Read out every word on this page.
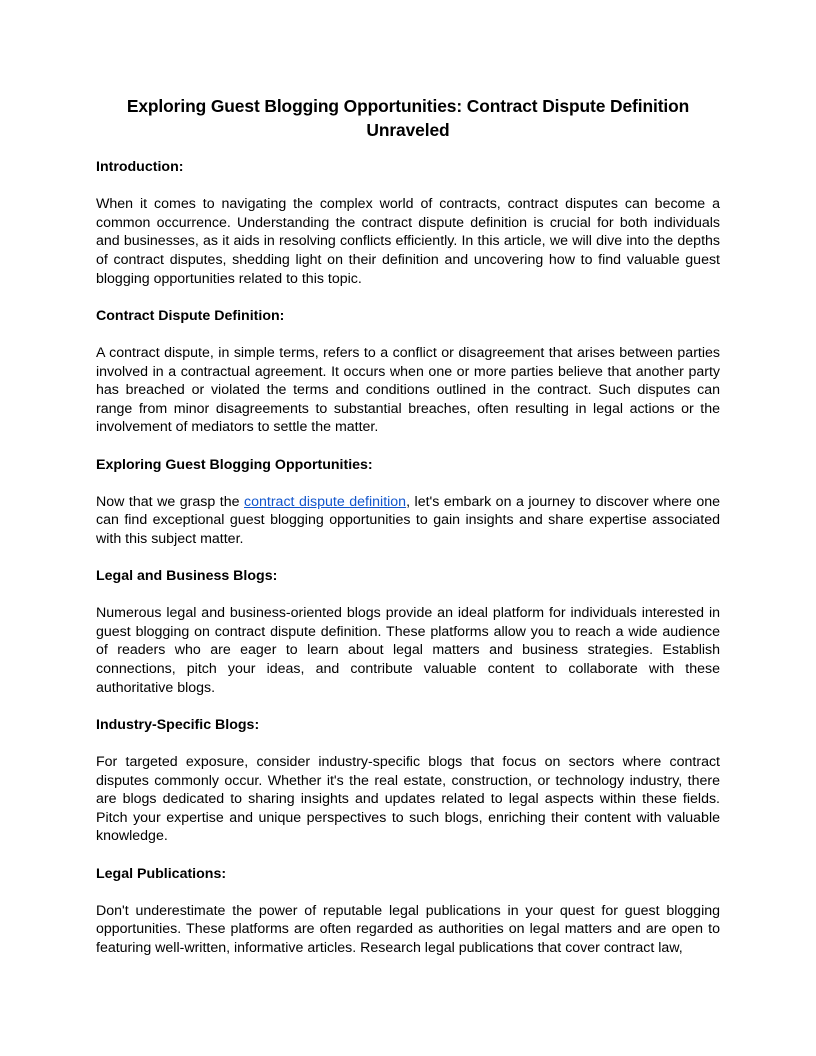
Exploring Guest Blogging Opportunities: Contract Dispute Definition Unraveled
Introduction:

When it comes to navigating the complex world of contracts, contract disputes can become a common occurrence. Understanding the contract dispute definition is crucial for both individuals and businesses, as it aids in resolving conflicts efficiently. In this article, we will dive into the depths of contract disputes, shedding light on their definition and uncovering how to find valuable guest blogging opportunities related to this topic.

Contract Dispute Definition:

A contract dispute, in simple terms, refers to a conflict or disagreement that arises between parties involved in a contractual agreement. It occurs when one or more parties believe that another party has breached or violated the terms and conditions outlined in the contract. Such disputes can range from minor disagreements to substantial breaches, often resulting in legal actions or the involvement of mediators to settle the matter.

Exploring Guest Blogging Opportunities:

Now that we grasp the contract dispute definition, let's embark on a journey to discover where one can find exceptional guest blogging opportunities to gain insights and share expertise associated with this subject matter.

Legal and Business Blogs:

Numerous legal and business-oriented blogs provide an ideal platform for individuals interested in guest blogging on contract dispute definition. These platforms allow you to reach a wide audience of readers who are eager to learn about legal matters and business strategies. Establish connections, pitch your ideas, and contribute valuable content to collaborate with these authoritative blogs.

Industry-Specific Blogs:

For targeted exposure, consider industry-specific blogs that focus on sectors where contract disputes commonly occur. Whether it's the real estate, construction, or technology industry, there are blogs dedicated to sharing insights and updates related to legal aspects within these fields. Pitch your expertise and unique perspectives to such blogs, enriching their content with valuable knowledge.

Legal Publications:

Don't underestimate the power of reputable legal publications in your quest for guest blogging opportunities. These platforms are often regarded as authorities on legal matters and are open to featuring well-written, informative articles. Research legal publications that cover contract law,
